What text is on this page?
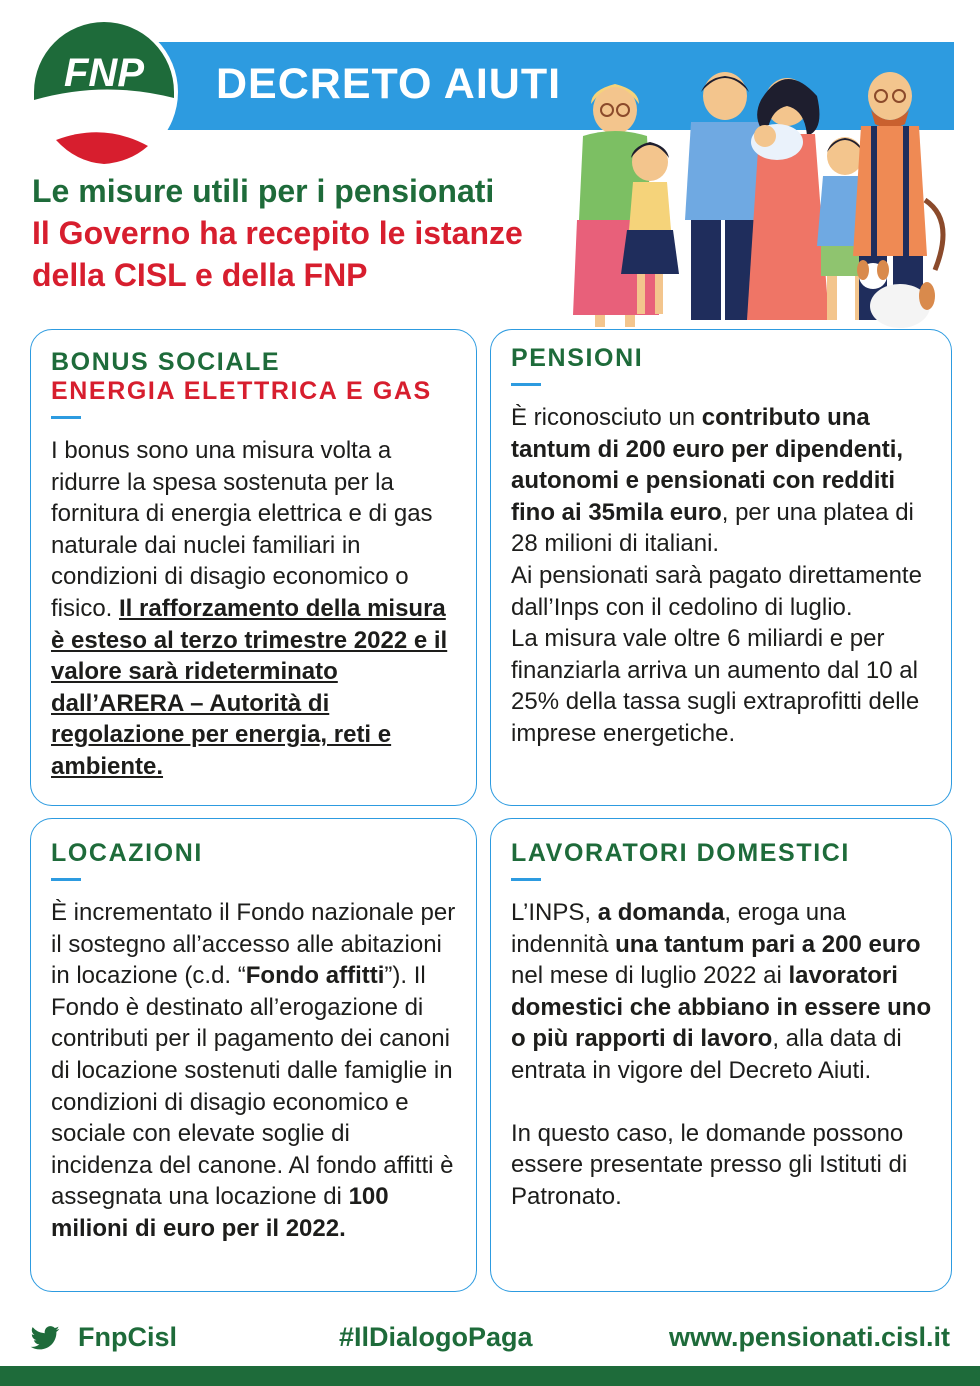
DECRETO AIUTI
FNP
Le misure utili per i pensionati
Il Governo ha recepito le istanze
della CISL e della FNP
BONUS SOCIALE
ENERGIA ELETTRICA E GAS
I bonus sono una misura volta a ridurre la spesa sostenuta per la fornitura di energia elettrica e di gas naturale dai nuclei familiari in condizioni di disagio economico o fisico. Il rafforzamento della misura è esteso al terzo trimestre 2022 e il valore sarà rideterminato dall’ARERA – Autorità di regolazione per energia, reti e ambiente.
PENSIONI

È riconosciuto un contributo una tantum di 200 euro per dipendenti, autonomi e pensionati con redditi fino ai 35mila euro, per una platea di 28 milioni di italiani.

Ai pensionati sarà pagato direttamente dall’Inps con il cedolino di luglio.

La misura vale oltre 6 miliardi e per finanziarla arriva un aumento dal 10 al 25% della tassa sugli extraprofitti delle imprese energetiche.

LOCAZIONI
È incrementato il Fondo nazionale per il sostegno all’accesso alle abitazioni in locazione (c.d. “Fondo affitti”). Il Fondo è destinato all’erogazione di contributi per il pagamento dei canoni di locazione sostenuti dalle famiglie in condizioni di disagio economico e sociale con elevate soglie di incidenza del canone. Al fondo affitti è assegnata una locazione di 100 milioni di euro per il 2022.
LAVORATORI DOMESTICI

L’INPS, a domanda, eroga una indennità una tantum pari a 200 euro nel mese di luglio 2022 ai lavoratori domestici che abbiano in essere uno o più rapporti di lavoro, alla data di entrata in vigore del Decreto Aiuti.

In questo caso, le domande possono essere presentate presso gli Istituti di Patronato.

FnpCisl	#IlDialogoPaga	www.pensionati.cisl.it
